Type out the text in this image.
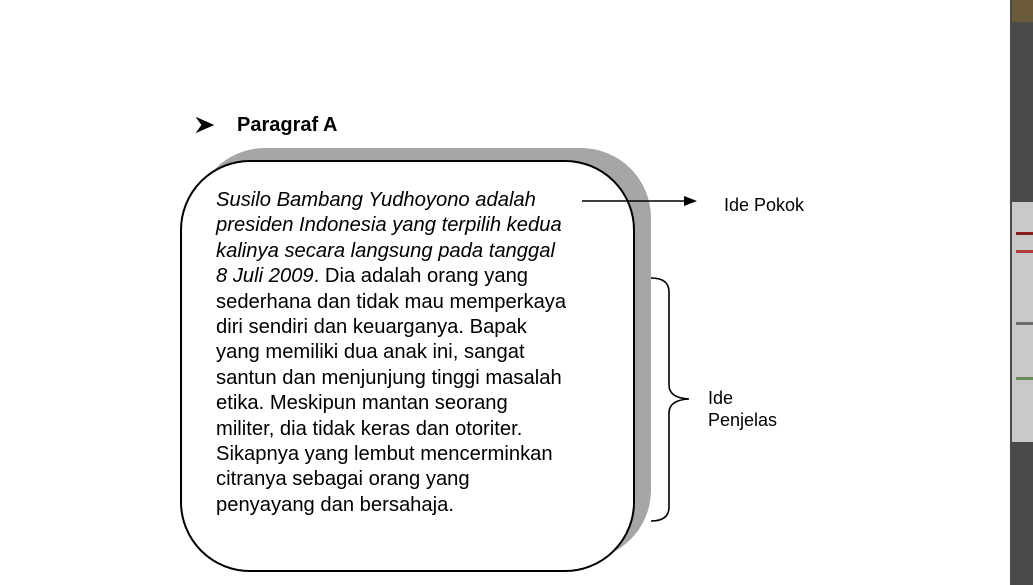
Paragraf A
Susilo Bambang Yudhoyono adalah
presiden Indonesia yang terpilih kedua
kalinya secara langsung pada tanggal
8 Juli 2009. Dia adalah orang yang
sederhana dan tidak mau memperkaya
diri sendiri dan keuarganya. Bapak
yang memiliki dua anak ini, sangat
santun dan menjunjung tinggi masalah
etika. Meskipun mantan seorang
militer, dia tidak keras dan otoriter.
Sikapnya yang lembut mencerminkan
citranya sebagai orang yang
penyayang dan bersahaja.
Ide Pokok
Ide
Penjelas
